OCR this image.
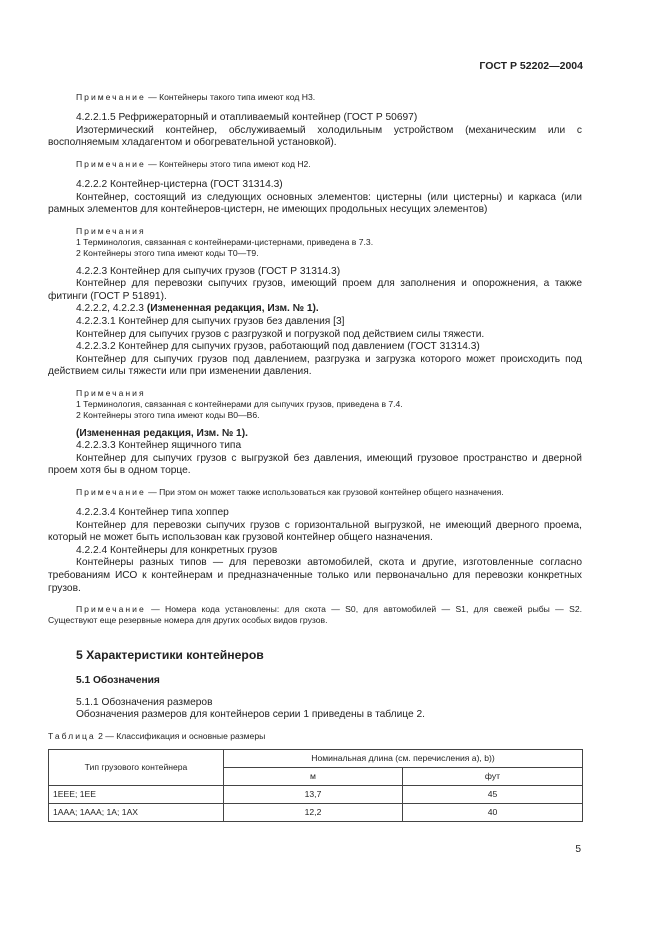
ГОСТ Р 52202—2004

Примечание — Контейнеры такого типа имеют код Н3.

4.2.2.1.5 Рефрижераторный и отапливаемый контейнер (ГОСТ Р 50697)

Изотермический контейнер, обслуживаемый холодильным устройством (механическим или с восполняемым хладагентом и обогревательной установкой).

Примечание — Контейнеры этого типа имеют код Н2.

4.2.2.2 Контейнер-цистерна (ГОСТ 31314.3)

Контейнер, состоящий из следующих основных элементов: цистерны (или цистерны) и каркаса (или рамных элементов для контейнеров-цистерн, не имеющих продольных несущих элементов)

Примечания

1 Терминология, связанная с контейнерами-цистернами, приведена в 7.3.

2 Контейнеры этого типа имеют коды Т0—Т9.

4.2.2.3 Контейнер для сыпучих грузов (ГОСТ Р 31314.3)

Контейнер для перевозки сыпучих грузов, имеющий проем для заполнения и опорожнения, а также фитинги (ГОСТ Р 51891).

4.2.2.2, 4.2.2.3 (Измененная редакция, Изм. № 1).

4.2.2.3.1 Контейнер для сыпучих грузов без давления [3]

Контейнер для сыпучих грузов с разгрузкой и погрузкой под действием силы тяжести.

4.2.2.3.2 Контейнер для сыпучих грузов, работающий под давлением (ГОСТ 31314.3)

Контейнер для сыпучих грузов под давлением, разгрузка и загрузка которого может происходить под действием силы тяжести или при изменении давления.

Примечания

1 Терминология, связанная с контейнерами для сыпучих грузов, приведена в 7.4.

2 Контейнеры этого типа имеют коды В0—В6.

(Измененная редакция, Изм. № 1).

4.2.2.3.3 Контейнер ящичного типа

Контейнер для сыпучих грузов с выгрузкой без давления, имеющий грузовое пространство и дверной проем хотя бы в одном торце.

Примечание — При этом он может также использоваться как грузовой контейнер общего назначения.

4.2.2.3.4 Контейнер типа хоппер

Контейнер для перевозки сыпучих грузов с горизонтальной выгрузкой, не имеющий дверного проема, который не может быть использован как грузовой контейнер общего назначения.

4.2.2.4 Контейнеры для конкретных грузов

Контейнеры разных типов — для перевозки автомобилей, скота и другие, изготовленные согласно требованиям ИСО к контейнерам и предназначенные только или первоначально для перевозки конкретных грузов.

Примечание — Номера кода установлены: для скота — S0, для автомобилей — S1, для свежей рыбы — S2. Существуют еще резервные номера для других особых видов грузов.

5 Характеристики контейнеров

5.1 Обозначения

5.1.1 Обозначения размеров

Обозначения размеров для контейнеров серии 1 приведены в таблице 2.

Таблица 2 — Классификация и основные размеры

Тип грузового контейнера	Номинальная длина (см. перечисления а), b))	
	м	фут
1ЕЕЕ; 1ЕЕ	13,7	45
1ААА; 1ААА; 1А; 1АХ	12,2	40
5
